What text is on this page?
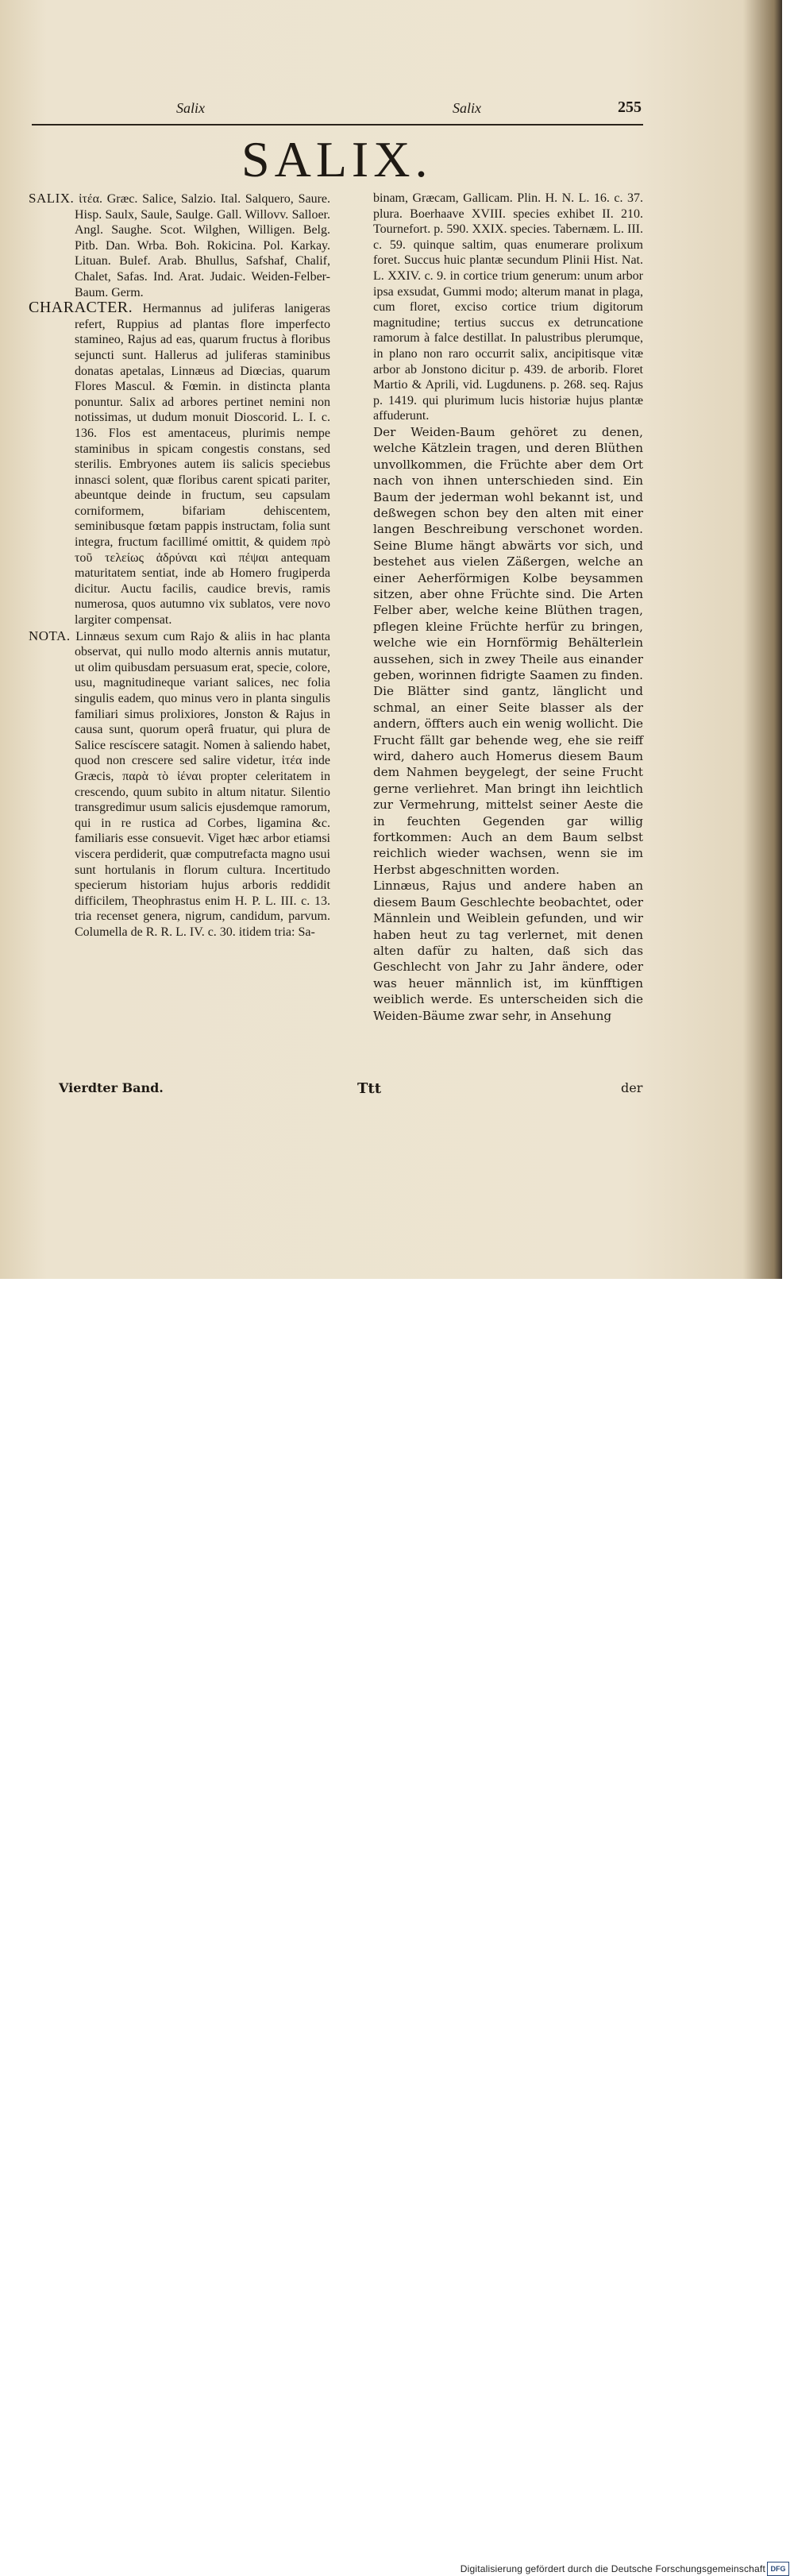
Salix	Salix	255
SALIX.

SALIX. ἰτέα. Græc. Salice, Salzio. Ital. Salquero, Saure. Hisp. Saulx, Saule, Saulge. Gall. Willovv. Salloer. Angl. Saughe. Scot. Wilghen, Willigen. Belg. Pitb. Dan. Wrba. Boh. Rokicina. Pol. Karkay. Lituan. Bulef. Arab. Bhullus, Safshaf, Chalif, Chalet, Safas. Ind. Arat. Judaic. Weiden-Felber-Baum. Germ.

CHARACTER. Hermannus ad juliferas lanigeras refert, Ruppius ad plantas flore imperfecto stamineo, Rajus ad eas, quarum fructus à floribus sejuncti sunt. Hallerus ad juliferas staminibus donatas apetalas, Linnæus ad Diœcias, quarum Flores Mascul. & Fœmin. in distincta planta ponuntur. Salix ad arbores pertinet nemini non notissimas, ut dudum monuit Dioscorid. L. I. c. 136. Flos est amentaceus, plurimis nempe staminibus in spicam congestis constans, sed sterilis. Embryones autem iis salicis speciebus innasci solent, quæ floribus carent spicati pariter, abeuntque deinde in fructum, seu capsulam corniformem, bifariam dehiscentem, seminibusque fœtam pappis instructam, folia sunt integra, fructum facillimé omittit, & quidem πρὸ τοῦ τελείως ἀδρύναι καὶ πέψαι antequam maturitatem sentiat, inde ab Homero frugiperda dicitur. Auctu facilis, caudice brevis, ramis numerosa, quos autumno vix sublatos, vere novo largiter compensat.

NOTA. Linnæus sexum cum Rajo & aliis in hac planta observat, qui nullo modo alternis annis mutatur, ut olim quibusdam persuasum erat, specie, colore, usu, magnitudineque variant salices, nec folia singulis eadem, quo minus vero in planta singulis familiari simus prolixiores, Jonston & Rajus in causa sunt, quorum operâ fruatur, qui plura de Salice rescíscere satagit. Nomen à saliendo habet, quod non crescere sed salire videtur, ἰτέα inde Græcis, παρὰ τὸ ἰέναι propter celeritatem in crescendo, quum subito in altum nitatur. Silentio transgredimur usum salicis ejusdemque ramorum, qui in re rustica ad Corbes, ligamina &c. familiaris esse consuevit. Viget hæc arbor etiamsi viscera perdiderit, quæ computrefacta magno usui sunt hortulanis in florum cultura. Incertitudo specierum historiam hujus arboris reddidit difficilem, Theophrastus enim H. P. L. III. c. 13. tria recenset genera, nigrum, candidum, parvum. Columella de R. R. L. IV. c. 30. itidem tria: Sa-

binam, Græcam, Gallicam. Plin. H. N. L. 16. c. 37. plura. Boerhaave XVIII. species exhibet II. 210. Tournefort. p. 590. XXIX. species. Tabernæm. L. III. c. 59. quinque saltim, quas enumerare prolixum foret. Succus huic plantæ secundum Plinii Hist. Nat. L. XXIV. c. 9. in cortice trium generum: unum arbor ipsa exsudat, Gummi modo; alterum manat in plaga, cum floret, exciso cortice trium digitorum magnitudine; tertius succus ex detruncatione ramorum à falce destillat. In palustribus plerumque, in plano non raro occurrit salix, ancipitisque vitæ arbor ab Jonstono dicitur p. 439. de arborib. Floret Martio & Aprili, vid. Lugdunens. p. 268. seq. Rajus p. 1419. qui plurimum lucis historiæ hujus plantæ affuderunt.

Der Weiden-Baum gehöret zu denen, welche Kätzlein tragen, und deren Blüthen unvollkommen, die Früchte aber dem Ort nach von ihnen unterschieden sind. Ein Baum der jederman wohl bekannt ist, und deßwegen schon bey den alten mit einer langen Beschreibung verschonet worden. Seine Blume hängt abwärts vor sich, und bestehet aus vielen Zäßergen, welche an einer Aeherförmigen Kolbe beysammen sitzen, aber ohne Früchte sind. Die Arten Felber aber, welche keine Blüthen tragen, pflegen kleine Früchte herfür zu bringen, welche wie ein Hornförmig Behälterlein aussehen, sich in zwey Theile aus einander geben, worinnen fidrigte Saamen zu finden. Die Blätter sind gantz, länglicht und schmal, an einer Seite blasser als der andern, öffters auch ein wenig wollicht. Die Frucht fällt gar behende weg, ehe sie reiff wird, dahero auch Homerus diesem Baum dem Nahmen beygelegt, der seine Frucht gerne verliehret. Man bringt ihn leichtlich zur Vermehrung, mittelst seiner Aeste die in feuchten Gegenden gar willig fortkommen: Auch an dem Baum selbst reichlich wieder wachsen, wenn sie im Herbst abgeschnitten worden.

Linnæus, Rajus und andere haben an diesem Baum Geschlechte beobachtet, oder Männlein und Weiblein gefunden, und wir haben heut zu tag verlernet, mit denen alten dafür zu halten, daß sich das Geschlecht von Jahr zu Jahr ändere, oder was heuer männlich ist, im künfftigen weiblich werde. Es unterscheiden sich die Weiden-Bäume zwar sehr, in Ansehung

Vierdter Band.	Ttt	der
Digitalisierung gefördert durch die Deutsche Forschungsgemeinschaft DFG
